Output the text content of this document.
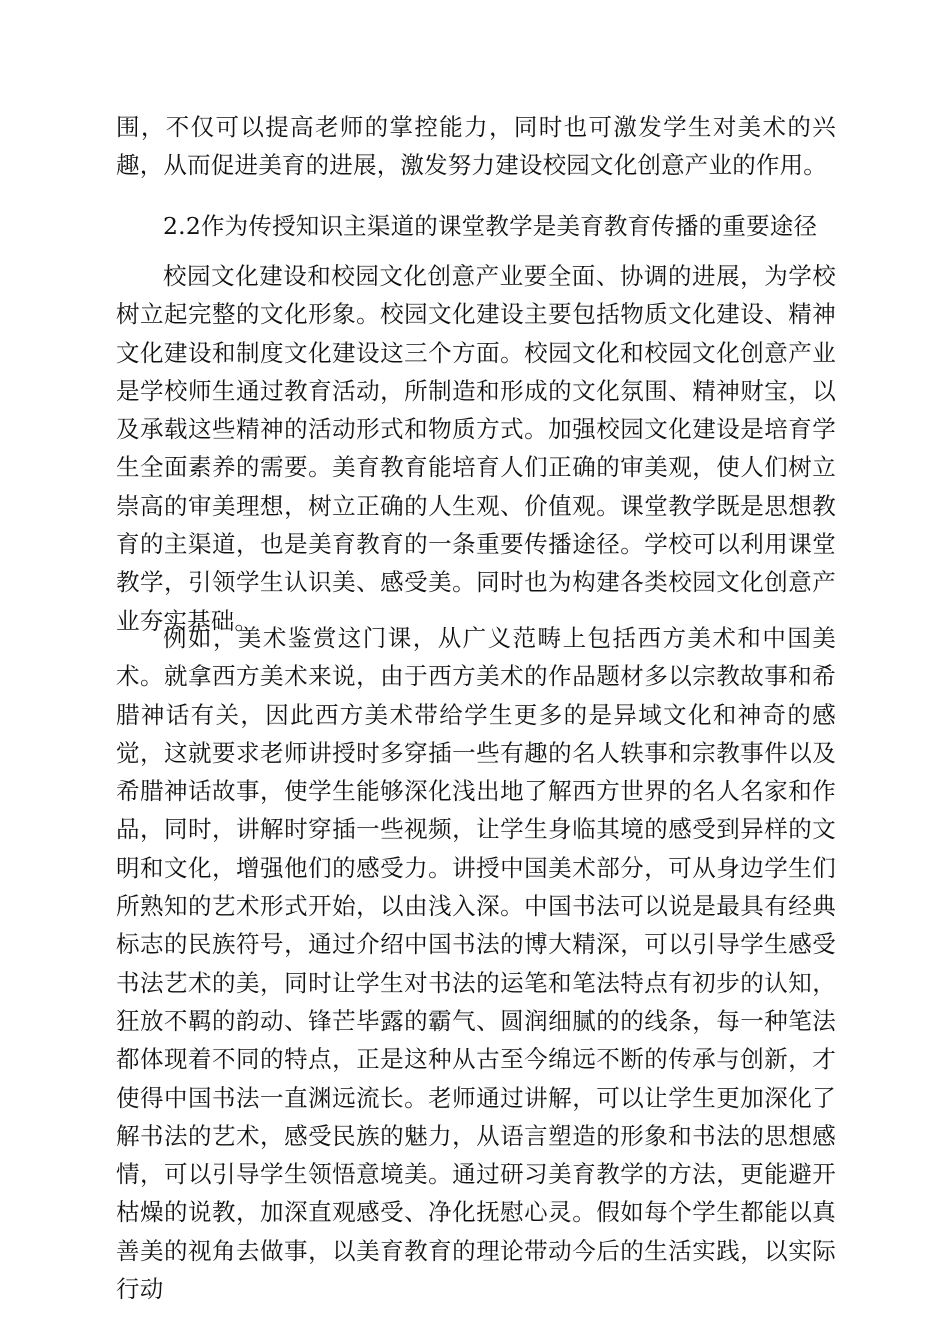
围，不仅可以提高老师的掌控能力，同时也可激发学生对美术的兴趣，从而促进美育的进展，激发努力建设校园文化创意产业的作用。

2.2作为传授知识主渠道的课堂教学是美育教育传播的重要途径

校园文化建设和校园文化创意产业要全面、协调的进展，为学校树立起完整的文化形象。校园文化建设主要包括物质文化建设、精神文化建设和制度文化建设这三个方面。校园文化和校园文化创意产业是学校师生通过教育活动，所制造和形成的文化氛围、精神财宝，以及承载这些精神的活动形式和物质方式。加强校园文化建设是培育学生全面素养的需要。美育教育能培育人们正确的审美观，使人们树立崇高的审美理想，树立正确的人生观、价值观。课堂教学既是思想教育的主渠道，也是美育教育的一条重要传播途径。学校可以利用课堂教学，引领学生认识美、感受美。同时也为构建各类校园文化创意产业夯实基础。

例如，美术鉴赏这门课，从广义范畴上包括西方美术和中国美术。就拿西方美术来说，由于西方美术的作品题材多以宗教故事和希腊神话有关，因此西方美术带给学生更多的是异域文化和神奇的感觉，这就要求老师讲授时多穿插一些有趣的名人轶事和宗教事件以及希腊神话故事，使学生能够深化浅出地了解西方世界的名人名家和作品，同时，讲解时穿插一些视频，让学生身临其境的感受到异样的文明和文化，增强他们的感受力。讲授中国美术部分，可从身边学生们所熟知的艺术形式开始，以由浅入深。中国书法可以说是最具有经典标志的民族符号，通过介绍中国书法的博大精深，可以引导学生感受书法艺术的美，同时让学生对书法的运笔和笔法特点有初步的认知，狂放不羁的韵动、锋芒毕露的霸气、圆润细腻的的线条，每一种笔法都体现着不同的特点，正是这种从古至今绵远不断的传承与创新，才使得中国书法一直渊远流长。老师通过讲解，可以让学生更加深化了解书法的艺术，感受民族的魅力，从语言塑造的形象和书法的思想感情，可以引导学生领悟意境美。通过研习美育教学的方法，更能避开枯燥的说教，加深直观感受、净化抚慰心灵。假如每个学生都能以真善美的视角去做事，以美育教育的理论带动今后的生活实践，以实际行动
